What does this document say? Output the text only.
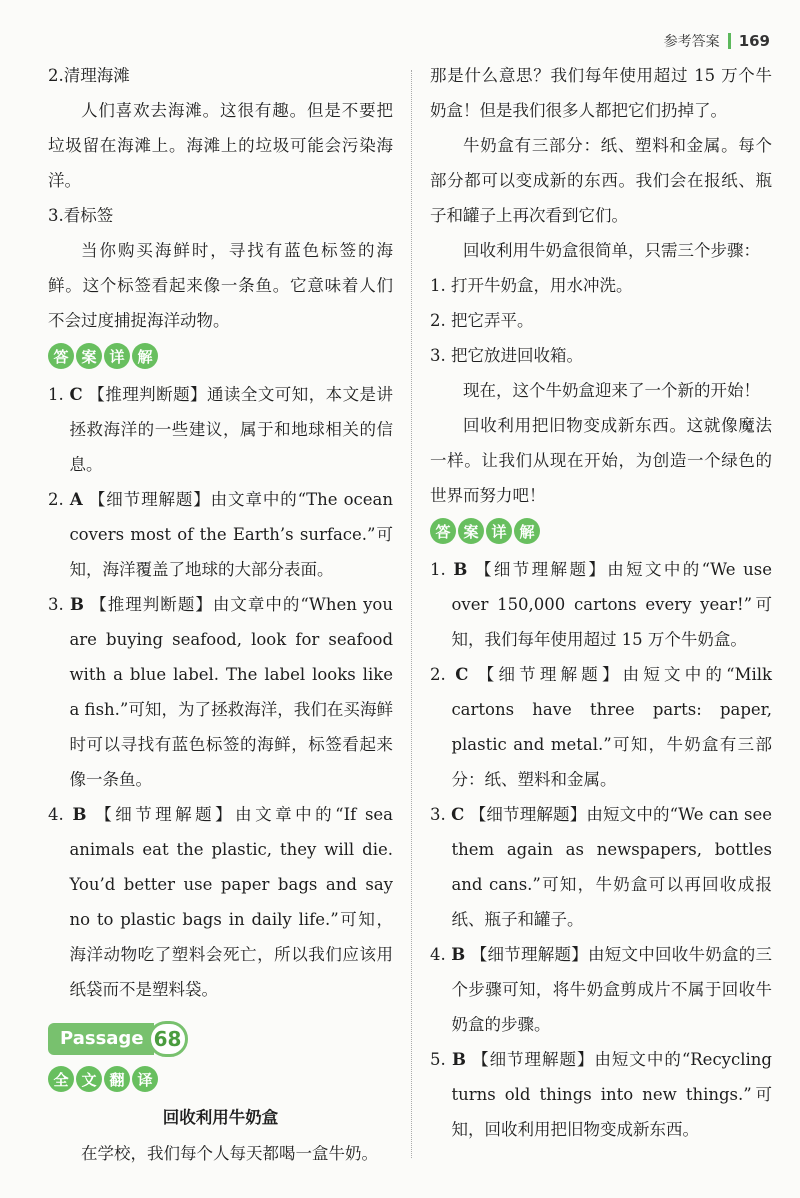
参考答案 169

2.清理海滩

人们喜欢去海滩。这很有趣。但是不要把垃圾留在海滩上。海滩上的垃圾可能会污染海洋。

3.看标签

当你购买海鲜时，寻找有蓝色标签的海鲜。这个标签看起来像一条鱼。它意味着人们不会过度捕捉海洋动物。

答 案 详 解

1. C 【推理判断题】通读全文可知，本文是讲拯救海洋的一些建议，属于和地球相关的信息。

2. A 【细节理解题】由文章中的“The ocean covers most of the Earth’s surface.”可知，海洋覆盖了地球的大部分表面。

3. B 【推理判断题】由文章中的“When you are buying seafood, look for seafood with a blue label. The label looks like a fish.”可知，为了拯救海洋，我们在买海鲜时可以寻找有蓝色标签的海鲜，标签看起来像一条鱼。

4. B 【细节理解题】由文章中的“If sea animals eat the plastic, they will die. You’d better use paper bags and say no to plastic bags in daily life.”可知，海洋动物吃了塑料会死亡，所以我们应该用纸袋而不是塑料袋。

Passage 68
全 文 翻 译

回收利用牛奶盒

在学校，我们每个人每天都喝一盒牛奶。

那是什么意思？我们每年使用超过 15 万个牛奶盒！但是我们很多人都把它们扔掉了。

牛奶盒有三部分：纸、塑料和金属。每个部分都可以变成新的东西。我们会在报纸、瓶子和罐子上再次看到它们。

回收利用牛奶盒很简单，只需三个步骤：

1. 打开牛奶盒，用水冲洗。

2. 把它弄平。

3. 把它放进回收箱。

现在，这个牛奶盒迎来了一个新的开始！

回收利用把旧物变成新东西。这就像魔法一样。让我们从现在开始，为创造一个绿色的世界而努力吧！

答 案 详 解

1. B 【细节理解题】由短文中的“We use over 150,000 cartons every year!”可知，我们每年使用超过 15 万个牛奶盒。

2. C 【细节理解题】由短文中的“Milk cartons have three parts: paper, plastic and metal.”可知，牛奶盒有三部分：纸、塑料和金属。

3. C 【细节理解题】由短文中的“We can see them again as newspapers, bottles and cans.”可知，牛奶盒可以再回收成报纸、瓶子和罐子。

4. B 【细节理解题】由短文中回收牛奶盒的三个步骤可知，将牛奶盒剪成片不属于回收牛奶盒的步骤。

5. B 【细节理解题】由短文中的“Recycling turns old things into new things.”可知，回收利用把旧物变成新东西。
